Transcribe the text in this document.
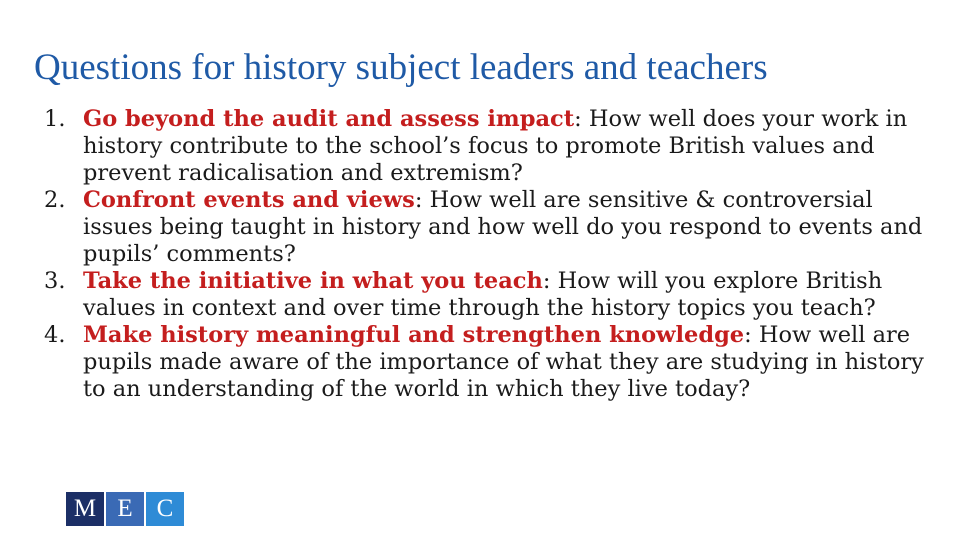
Questions for history subject leaders and teachers
1. Go beyond the audit and assess impact: How well does your work in history contribute to the school’s focus to promote British values and prevent radicalisation and extremism?
2. Confront events and views: How well are sensitive & controversial issues being taught in history and how well do you respond to events and pupils’ comments?
3. Take the initiative in what you teach: How will you explore British values in context and over time through the history topics you teach?
4. Make history meaningful and strengthen knowledge: How well are pupils made aware of the importance of what they are studying in history to an understanding of the world in which they live today?
M E C
